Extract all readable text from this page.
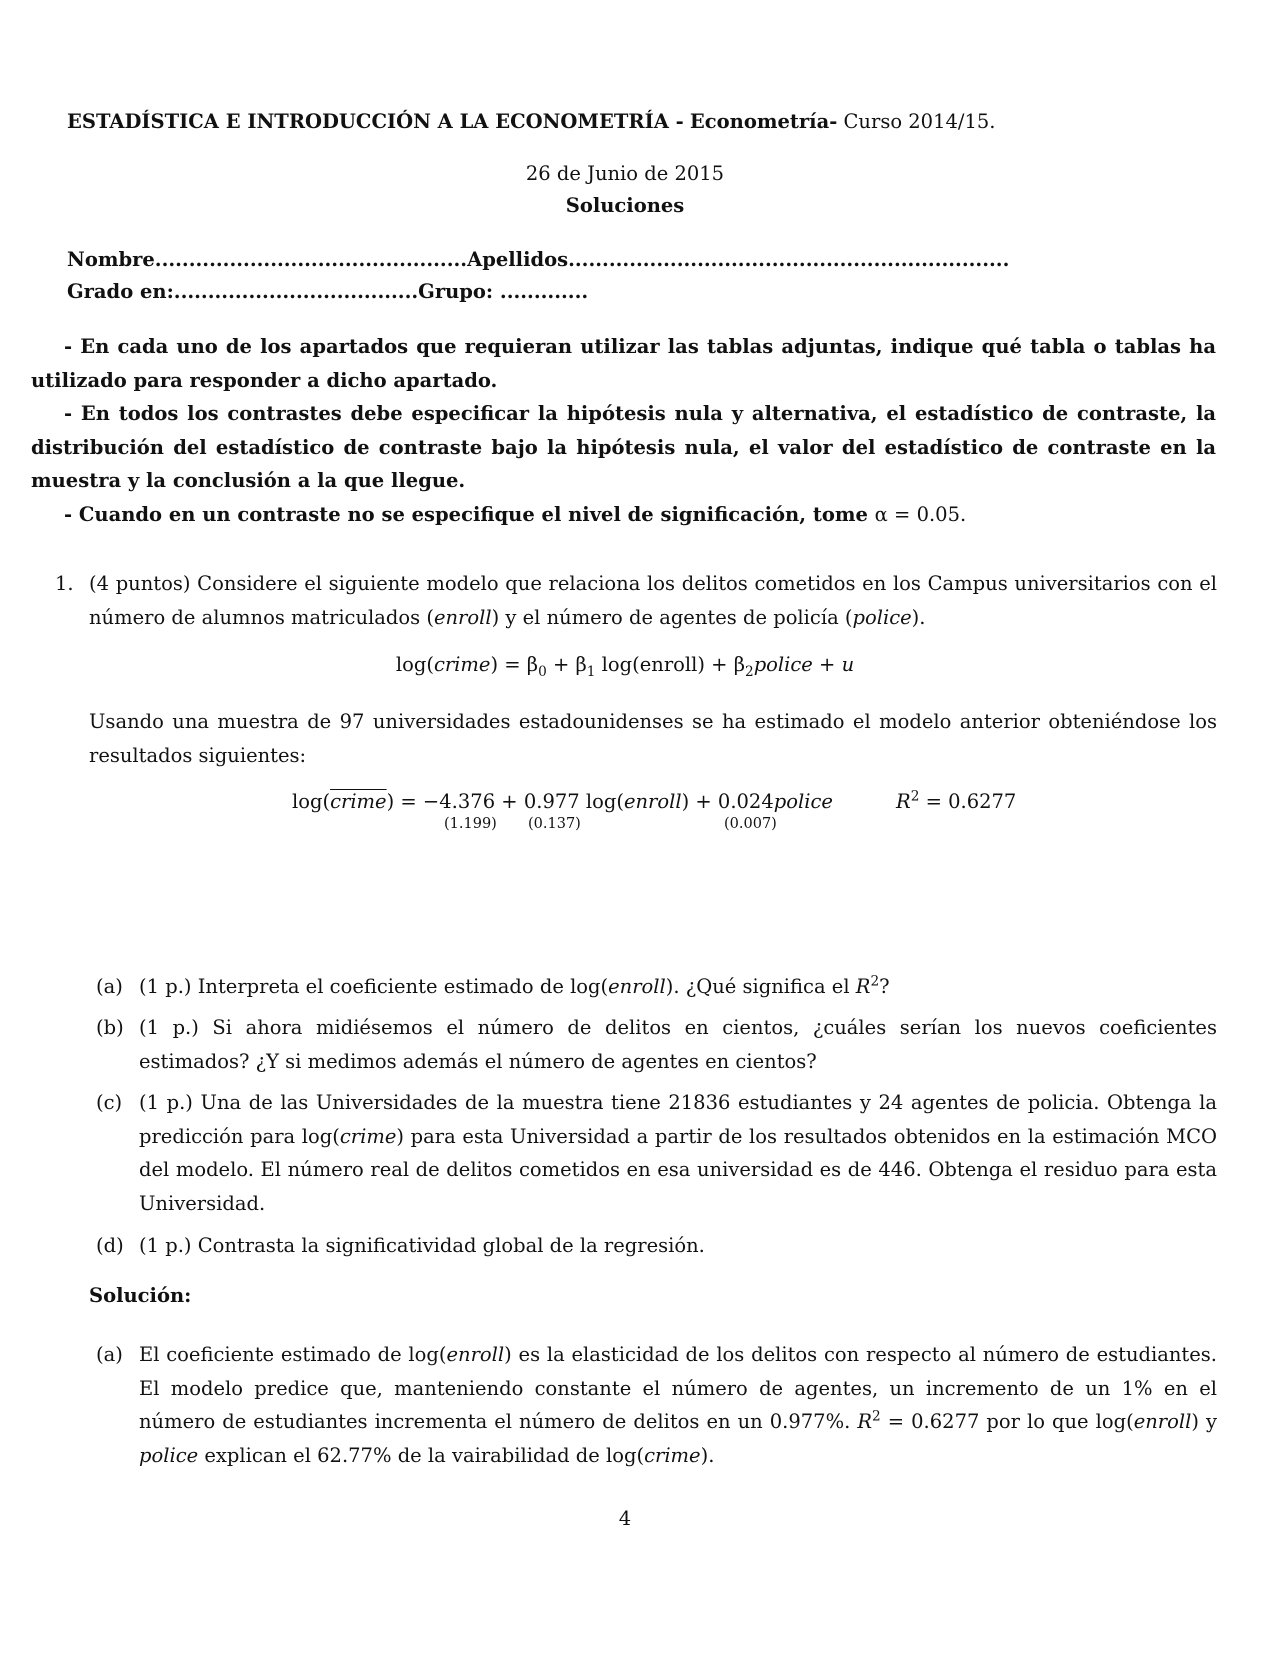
ESTADÍSTICA E INTRODUCCIÓN A LA ECONOMETRÍA - Econometría- Curso 2014/15.
26 de Junio de 2015
Soluciones
Nombre..............................................Apellidos.................................................................
Grado en:....................................Grupo: .............

- En cada uno de los apartados que requieran utilizar las tablas adjuntas, indique qué tabla o tablas ha utilizado para responder a dicho apartado.

- En todos los contrastes debe especificar la hipótesis nula y alternativa, el estadístico de contraste, la distribución del estadístico de contraste bajo la hipótesis nula, el valor del estadístico de contraste en la muestra y la conclusión a la que llegue.

- Cuando en un contraste no se especifique el nivel de significación, tome α = 0.05.

1. (4 puntos) Considere el siguiente modelo que relaciona los delitos cometidos en los Campus universitarios con el número de alumnos matriculados (enroll) y el número de agentes de policía (police).
log(crime) = $\beta_0 + \beta_1$ log(enroll) + $\beta_2police + u$
Usando una muestra de 97 universidades estadounidenses se ha estimado el modelo anterior obteniéndose los resultados siguientes:
log(crime) = −4.376 + 0.977 log(enroll) + 0.024police
(1.199) (0.137)	(0.007)
$R^2 = 0.6277$
(a) (1 p.) Interpreta el coeficiente estimado de log(enroll). ¿Qué significa el $R^2$?
(b) (1 p.) Si ahora midiésemos el número de delitos en cientos, ¿cuáles serían los nuevos coeficientes estimados? ¿Y si medimos además el número de agentes en cientos?
(c) (1 p.) Una de las Universidades de la muestra tiene 21836 estudiantes y 24 agentes de policia. Obtenga la predicción para log(crime) para esta Universidad a partir de los resultados obtenidos en la estimación MCO del modelo. El número real de delitos cometidos en esa universidad es de 446. Obtenga el residuo para esta Universidad.
(d) (1 p.) Contrasta la significatividad global de la regresión.
Solución:
(a) El coeficiente estimado de log(enroll) es la elasticidad de los delitos con respecto al número de estudiantes. El modelo predice que, manteniendo constante el número de agentes, un incremento de un 1% en el número de estudiantes incrementa el número de delitos en un 0.977%. $R^2 = 0.6277$ por lo que log(enroll) y police explican el 62.77% de la vairabilidad de log(crime).
4
